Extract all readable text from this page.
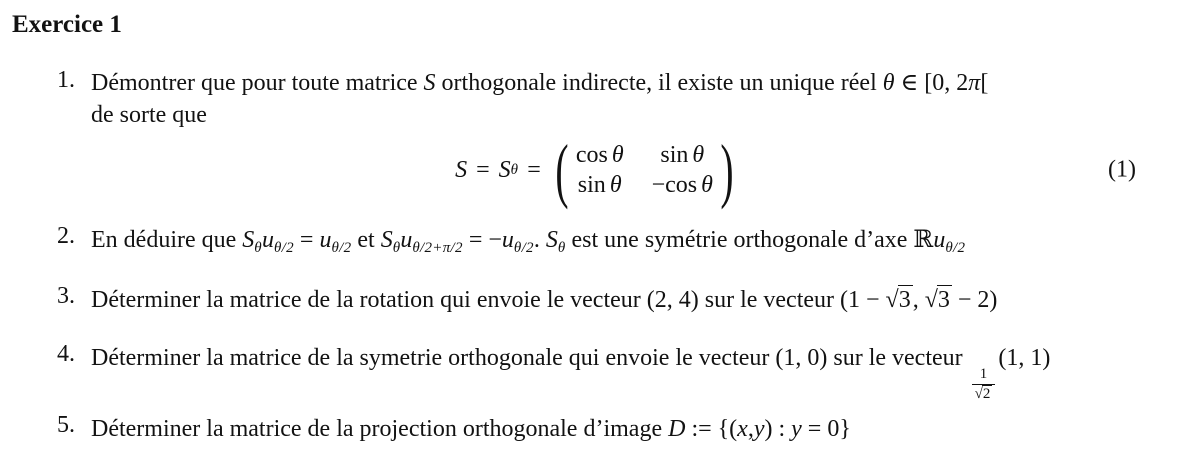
Exercice 1
1. Démontrer que pour toute matrice S orthogonale indirecte, il existe un unique réel θ ∈ [0, 2π[
de sorte que
S = S θ = ( cos θ sin θ
sin θ −cos θ )	(1)
2. En déduire que $S_\theta u_{\theta/2} = u_{\theta/2}$ et $S_\theta u_{\theta/2+\pi/2} = -u_{\theta/2}$. $S_\theta$ est une symétrie orthogonale d’axe ℝu$_{\theta/2}$
3. Déterminer la matrice de la rotation qui envoie le vecteur (2, 4) sur le vecteur (1 − √3, √3 − 2)
4. Déterminer la matrice de la symetrie orthogonale qui envoie le vecteur (1, 0) sur le vecteur
$\frac{1}{√2}$
(1, 1)
5. Déterminer la matrice de la projection orthogonale d’image D := {(x,y) : y = 0}
